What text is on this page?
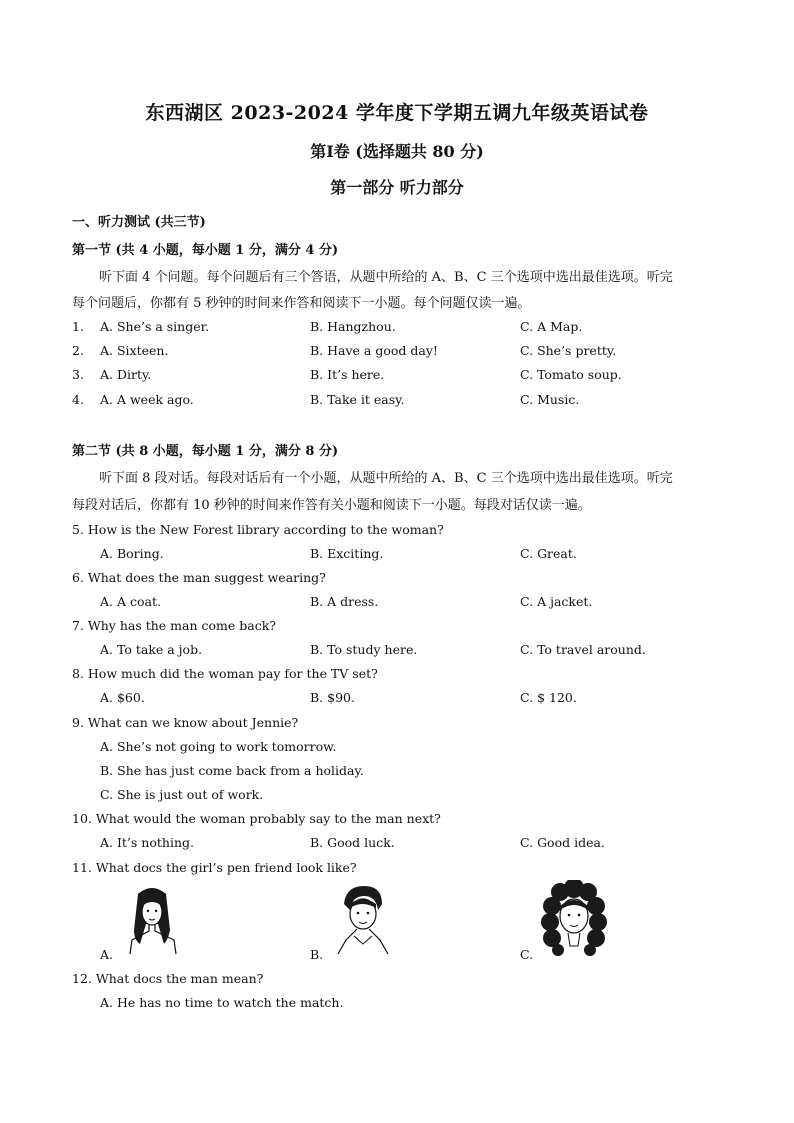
东西湖区 2023-2024 学年度下学期五调九年级英语试卷
第Ⅰ卷 (选择题共 80 分)
第一部分 听力部分
一、听力测试 (共三节)
第一节 (共 4 小题，每小题 1 分，满分 4 分)
听下面 4 个问题。每个问题后有三个答语，从题中所给的 A、B、C 三个选项中选出最佳选项。听完
每个问题后，你都有 5 秒钟的时间来作答和阅读下一小题。每个问题仅读一遍。
1. A. She’s a singer.	B. Hangzhou.	C. A Map.
2. A. Sixteen.	B. Have a good day!	C. She’s pretty.
3. A. Dirty.	B. It’s here.	C. Tomato soup.
4. A. A week ago.	B. Take it easy.	C. Music.
第二节 (共 8 小题，每小题 1 分，满分 8 分)
听下面 8 段对话。每段对话后有一个小题，从题中所给的 A、B、C 三个选项中选出最佳选项。听完
每段对话后，你都有 10 秒钟的时间来作答有关小题和阅读下一小题。每段对话仅读一遍。
5. How is the New Forest library according to the woman?
A. Boring.	B. Exciting.	C. Great.
6. What does the man suggest wearing?
A. A coat.	B. A dress.	C. A jacket.
7. Why has the man come back?
A. To take a job.	B. To study here.	C. To travel around.
8. How much did the woman pay for the TV set?
A. $60.	B. $90.	C. $ 120.
9. What can we know about Jennie?
A. She’s not going to work tomorrow.
B. She has just come back from a holiday.
C. She is just out of work.
10. What would the woman probably say to the man next?
A. It’s nothing.	B. Good luck.	C. Good idea.
11. What docs the girl’s pen friend look like?
A.	B.	C.
12. What docs the man mean?
A. He has no time to watch the match.
